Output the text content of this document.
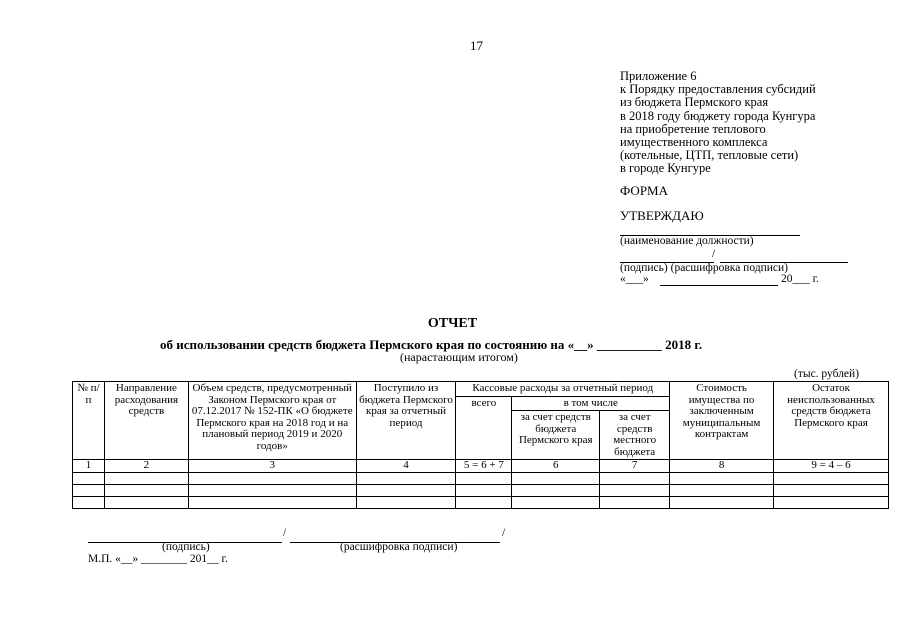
17
Приложение 6
к Порядку предоставления субсидий
из бюджета Пермского края
в 2018 году бюджету города Кунгура
на приобретение теплового
имущественного комплекса
(котельные, ЦТП, тепловые сети)
в городе Кунгуре
ФОРМА
УТВЕРЖДАЮ
(наименование должности)
/
(подпись) (расшифровка подписи)
«___»	20___ г.
ОТЧЕТ
об использовании средств бюджета Пермского края по состоянию на «__» __________ 2018 г.
(нарастающим итогом)
(тыс. рублей)
№ п/п	Направление расходования средств	Объем средств, предусмотренный Законом Пермского края от 07.12.2017 № 152-ПК «О бюджете Пермского края на 2018 год и на плановый период 2019 и 2020 годов»	Поступило из бюджета Пермского края за отчетный период	Кассовые расходы за отчетный период			Стоимость имущества по заключенным муниципальным контрактам	Остаток неиспользованных средств бюджета Пермского края
				всего	в том числе			
					за счет средств бюджета Пермского края	за счет средств местного бюджета		
1	2	3	4	5 = 6 + 7	6	7	8	9 = 4 – 6

/	/
(подпись)	(расшифровка подписи)
М.П. «__» ________ 201__ г.
